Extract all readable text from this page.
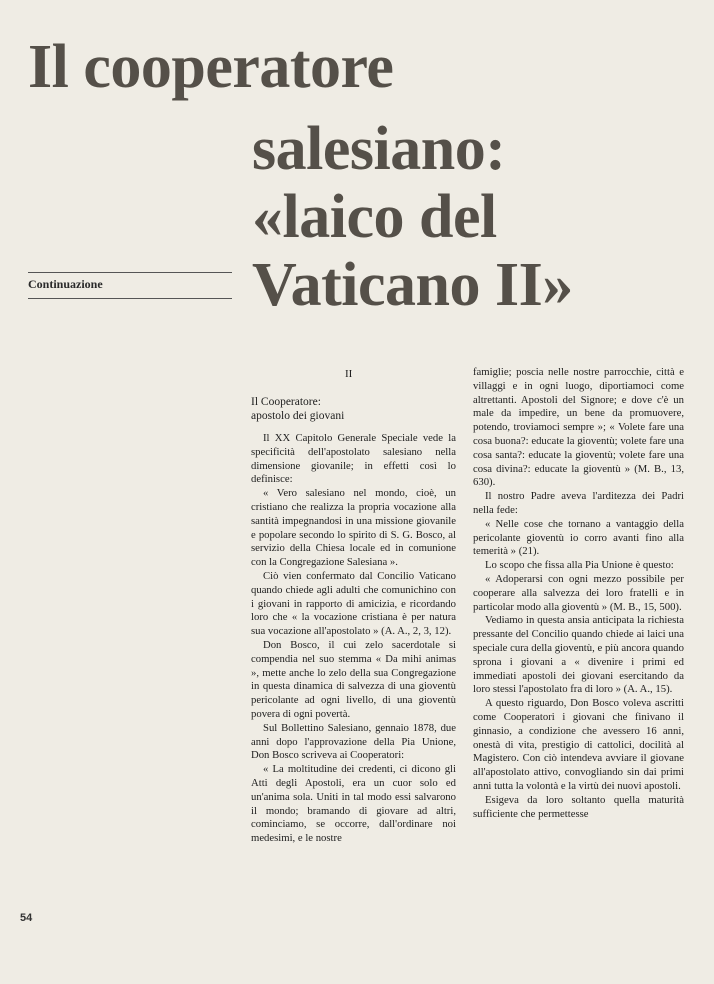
Il cooperatore
salesiano:
«laico del
Vaticano II»
Continuazione
II
Il Cooperatore:
apostolo dei giovani

Il XX Capitolo Generale Speciale vede la specificità dell'apostolato salesiano nella dimensione giovanile; in effetti così lo definisce:

« Vero salesiano nel mondo, cioè, un cristiano che realizza la propria vocazione alla santità impegnandosi in una missione giovanile e popolare secondo lo spirito di S. G. Bosco, al servizio della Chiesa locale ed in comunione con la Congregazione Salesiana ».

Ciò vien confermato dal Concilio Vaticano quando chiede agli adulti che comunichino con i giovani in rapporto di amicizia, e ricordando loro che « la vocazione cristiana è per natura sua vocazione all'apostolato » (A. A., 2, 3, 12).

Don Bosco, il cui zelo sacerdotale si compendia nel suo stemma « Da mihi animas », mette anche lo zelo della sua Congregazione in questa dinamica di salvezza di una gioventù pericolante ad ogni livello, di una gioventù povera di ogni povertà.

Sul Bollettino Salesiano, gennaio 1878, due anni dopo l'approvazione della Pia Unione, Don Bosco scriveva ai Cooperatori:

« La moltitudine dei credenti, ci dicono gli Atti degli Apostoli, era un cuor solo ed un'anima sola. Uniti in tal modo essi salvarono il mondo; bramando di giovare ad altri, cominciamo, se occorre, dall'ordinare noi medesimi, e le nostre

famiglie; poscia nelle nostre parrocchie, città e villaggi e in ogni luogo, diportiamoci come altrettanti. Apostoli del Signore; e dove c'è un male da impedire, un bene da promuovere, potendo, troviamoci sempre »; « Volete fare una cosa buona?: educate la gioventù; volete fare una cosa santa?: educate la gioventù; volete fare una cosa divina?: educate la gioventù » (M. B., 13, 630).

Il nostro Padre aveva l'arditezza dei Padri nella fede:

« Nelle cose che tornano a vantaggio della pericolante gioventù io corro avanti fino alla temerità » (21).

Lo scopo che fissa alla Pia Unione è questo:

« Adoperarsi con ogni mezzo possibile per cooperare alla salvezza dei loro fratelli e in particolar modo alla gioventù » (M. B., 15, 500).

Vediamo in questa ansia anticipata la richiesta pressante del Concilio quando chiede ai laici una speciale cura della gioventù, e più ancora quando sprona i giovani a « divenire i primi ed immediati apostoli dei giovani esercitando da loro stessi l'apostolato fra di loro » (A. A., 15).

A questo riguardo, Don Bosco voleva ascritti come Cooperatori i giovani che finivano il ginnasio, a condizione che avessero 16 anni, onestà di vita, prestigio di cattolici, docilità al Magistero. Con ciò intendeva avviare il giovane all'apostolato attivo, convogliando sin dai primi anni tutta la volontà e la virtù dei nuovi apostoli.

Esigeva da loro soltanto quella maturità sufficiente che permettesse

54
